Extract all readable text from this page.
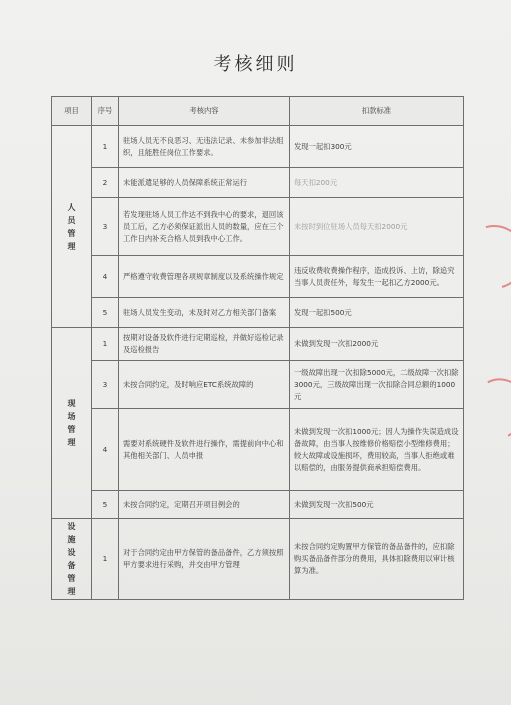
考核细则
项目	序号	考核内容	扣款标准

人员管理	1	驻场人员无不良恶习、无违法记录、未参加非法组织，且能胜任岗位工作要求。	发现一起扣300元
	2	未能派遣足够的人员保障系统正常运行	每天扣200元
	3	若发现驻场人员工作达不到我中心的要求，退回该员工后，乙方必须保证派出人员的数量，应在三个工作日内补充合格人员到我中心工作。	未按时到位驻场人员每天扣2000元
	4	严格遵守收费管理各项规章制度以及系统操作规定	违反收费收费操作程序，造成投诉、上访，除追究当事人员责任外，每发生一起扣乙方2000元。
	5	驻场人员发生变动，未及时对乙方相关部门备案	发现一起扣500元

现场管理	1	按期对设备及软件进行定期巡检，并做好巡检记录及巡检报告	未做到发现一次扣2000元
	3	未按合同约定，及时响应ETC系统故障的	一级故障出现一次扣除5000元，二级故障一次扣除3000元，三级故障出现一次扣除合同总额的1000元
	4	需要对系统硬件及软件进行操作，需提前向中心和其他相关部门、人员申报	未做到发现一次扣1000元；因人为操作失误造成设备故障，由当事人按维修价格赔偿小型维修费用；较大故障或设施损坏，费用较高，当事人拒绝或难以赔偿的，由服务提供商承担赔偿费用。
	5	未按合同约定，定期召开项目例会的	未做到发现一次扣500元

设施设备管理	1	对于合同约定由甲方保管的备品备件，乙方须按照甲方要求进行采购，并交由甲方管理	未按合同约定购置甲方保管的备品备件的，应扣除购买备品备件部分的费用，具体扣除费用以审计核算为准。
